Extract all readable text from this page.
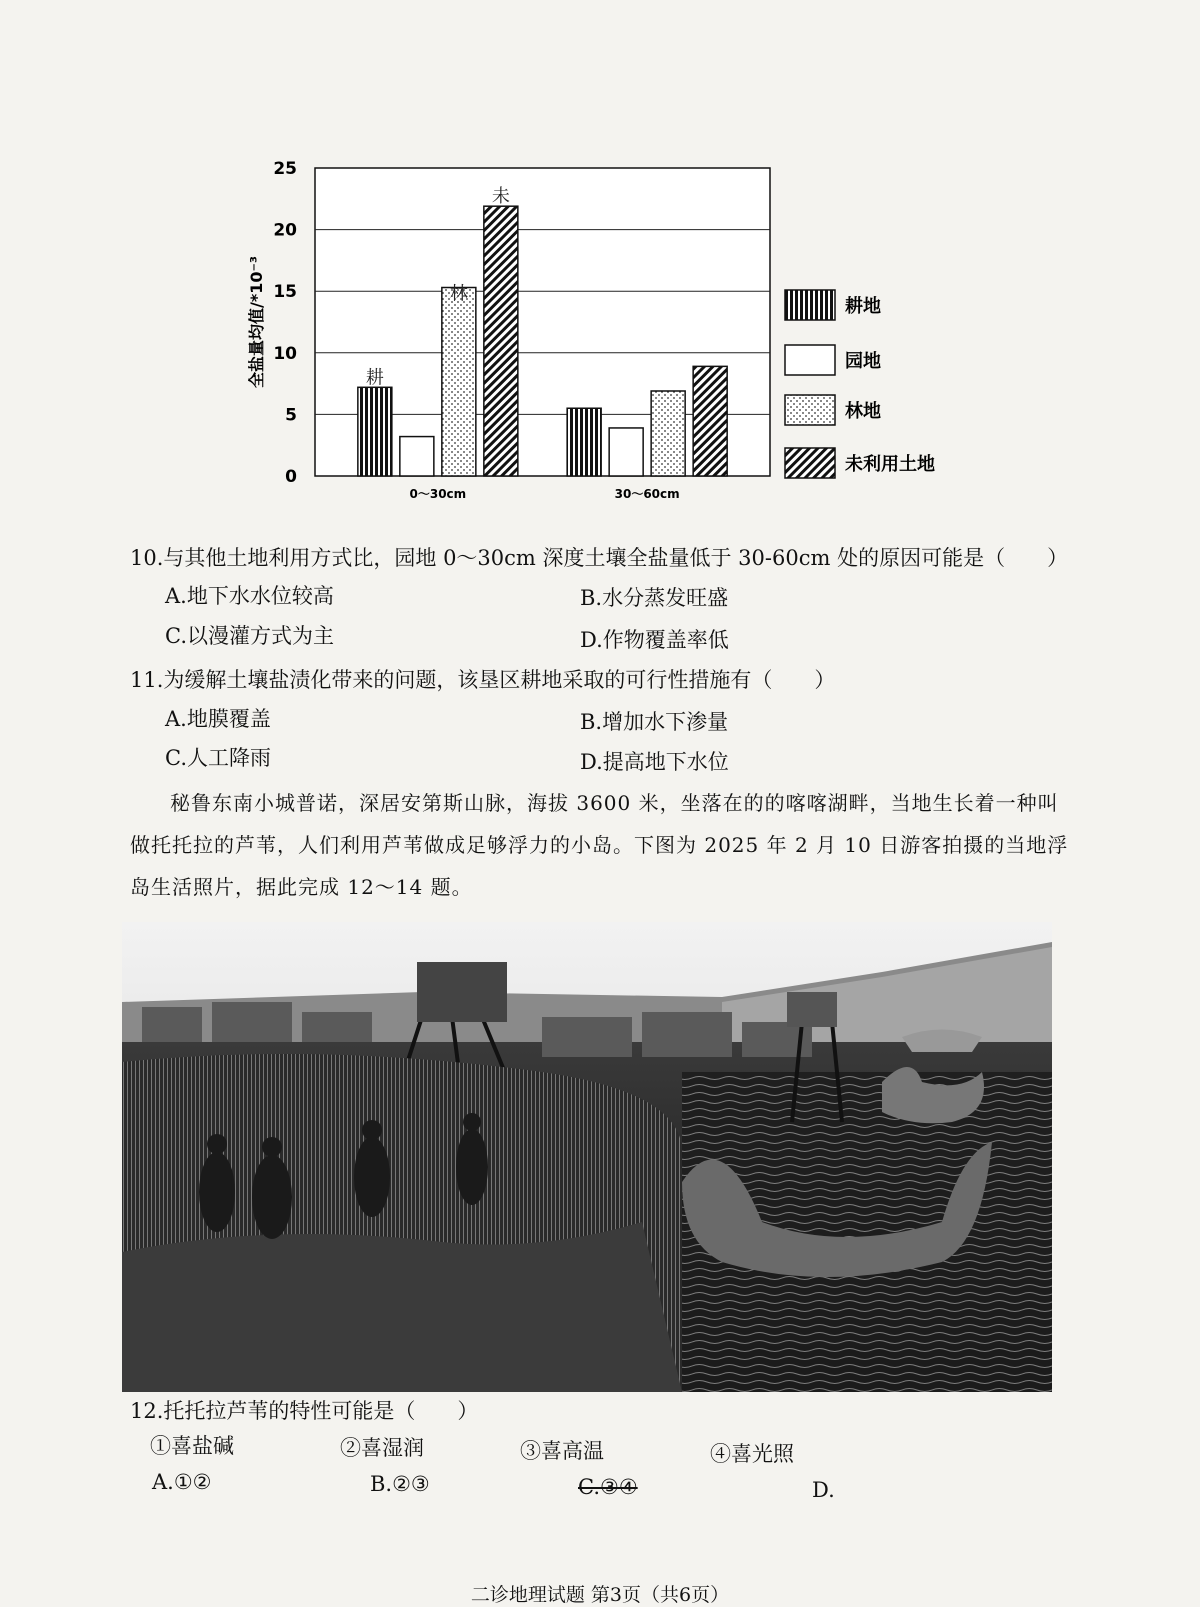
耕
未
林
0
5
10
15
20
25
全盐量均值/*10⁻³
0～30cm	30～60cm
耕地
园地
林地
未利用土地
10.与其他土地利用方式比，园地 0～30cm 深度土壤全盐量低于 30-60cm 处的原因可能是（　　）
A.地下水水位较高	B.水分蒸发旺盛
C.以漫灌方式为主	D.作物覆盖率低
11.为缓解土壤盐渍化带来的问题，该垦区耕地采取的可行性措施有（　　）
A.地膜覆盖	B.增加水下渗量
C.人工降雨	D.提高地下水位
秘鲁东南小城普诺，深居安第斯山脉，海拔 3600 米，坐落在的的喀喀湖畔，当地生长着一种叫做托托拉的芦苇，人们利用芦苇做成足够浮力的小岛。下图为 2025 年 2 月 10 日游客拍摄的当地浮岛生活照片，据此完成 12～14 题。
12.托托拉芦苇的特性可能是（　　）
①喜盐碱	②喜湿润	③喜高温	④喜光照
A.①②	B.②③	C.③④	D.
二诊地理试题 第3页（共6页）
